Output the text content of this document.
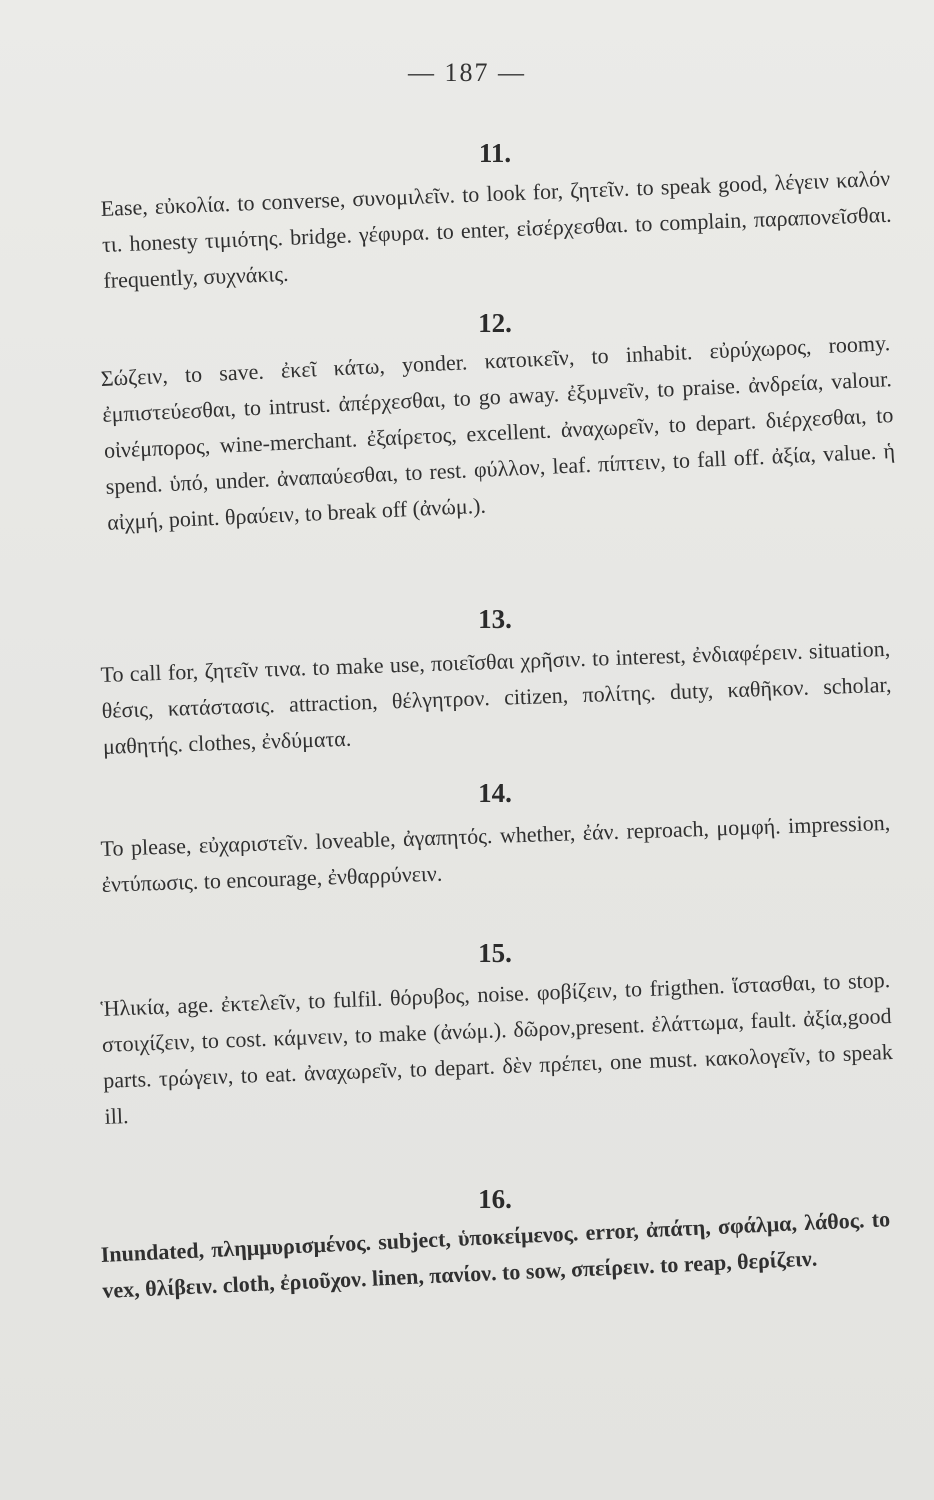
— 187 —
11.
Ease, εὐκολία. to converse, συνομιλεῖν. to look for, ζητεῖν. to speak good, λέγειν καλόν τι. honesty τιμιότης. bridge. γέφυρα. to enter, εἰσέρχεσθαι. to complain, παραπονεῖσθαι. frequently, συχνάκις.
12.
Σώζειν, to save. ἐκεῖ κάτω, yonder. κατοικεῖν, to inhabit. εὐρύχωρος, roomy. ἐμπιστεύεσθαι, to intrust. ἀπέρχεσθαι, to go away. ἐξυμνεῖν, to praise. ἀνδρεία, valour. οἰνέμπορος, wine-merchant. ἐξαίρετος, excellent. ἀναχωρεῖν, to depart. διέρχεσθαι, to spend. ὑπό, under. ἀναπαύεσθαι, to rest. φύλλον, leaf. πίπτειν, to fall off. ἀξία, value. ἡ αἰχμή, point. θραύειν, to break off (ἀνώμ.).
13.
To call for, ζητεῖν τινα. to make use, ποιεῖσθαι χρῆσιν. to interest, ἐνδιαφέρειν. situation, θέσις, κατάστασις. attraction, θέλγητρον. citizen, πολίτης. duty, καθῆκον. scholar, μαθητής. clothes, ἐνδύματα.
14.
To please, εὐχαριστεῖν. loveable, ἀγαπητός. whether, ἐάν. reproach, μομφή. impression, ἐντύπωσις. to encourage, ἐνθαρρύνειν.
15.
Ἡλικία, age. ἐκτελεῖν, to fulfil. θόρυβος, noise. φοβίζειν, to frigthen. ἵστασθαι, to stop. στοιχίζειν, to cost. κάμνειν, to make (ἀνώμ.). δῶρον,present. ἐλάττωμα, fault. ἀξία,good parts. τρώγειν, to eat. ἀναχωρεῖν, to depart. δὲν πρέπει, one must. κακολογεῖν, to speak ill.
16.
Inundated, πλημμυρισμένος. subject, ὑποκείμενος. error, ἀπάτη, σφάλμα, λάθος. to vex, θλίβειν. cloth, ἐριοῦχον. linen, πανίον. to sow, σπείρειν. to reap, θερίζειν.
